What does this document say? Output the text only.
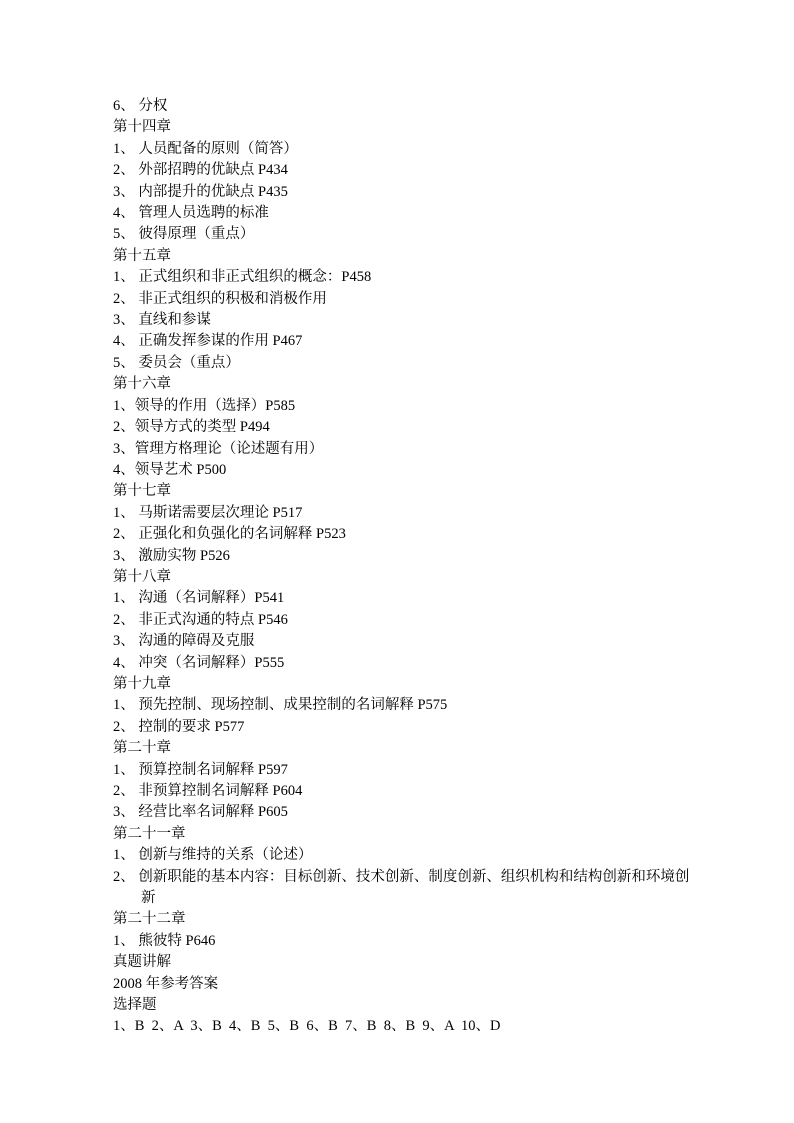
6、 分权
第十四章
1、 人员配备的原则（简答）
2、 外部招聘的优缺点 P434
3、 内部提升的优缺点 P435
4、 管理人员选聘的标准
5、 彼得原理（重点）
第十五章
1、 正式组织和非正式组织的概念：P458
2、 非正式组织的积极和消极作用
3、 直线和参谋
4、 正确发挥参谋的作用 P467
5、 委员会（重点）
第十六章
1、领导的作用（选择）P585
2、领导方式的类型 P494
3、管理方格理论（论述题有用）
4、领导艺术 P500
第十七章
1、 马斯诺需要层次理论 P517
2、 正强化和负强化的名词解释 P523
3、 激励实物 P526
第十八章
1、 沟通（名词解释）P541
2、 非正式沟通的特点 P546
3、 沟通的障碍及克服
4、 冲突（名词解释）P555
第十九章
1、 预先控制、现场控制、成果控制的名词解释 P575
2、 控制的要求 P577
第二十章
1、 预算控制名词解释 P597
2、 非预算控制名词解释 P604
3、 经营比率名词解释 P605
第二十一章
1、 创新与维持的关系（论述）
2、 创新职能的基本内容：目标创新、技术创新、制度创新、组织机构和结构创新和环境创新
第二十二章
1、 熊彼特 P646
真题讲解
2008 年参考答案
选择题
1、B  2、A  3、B  4、B  5、B  6、B  7、B  8、B  9、A  10、D
